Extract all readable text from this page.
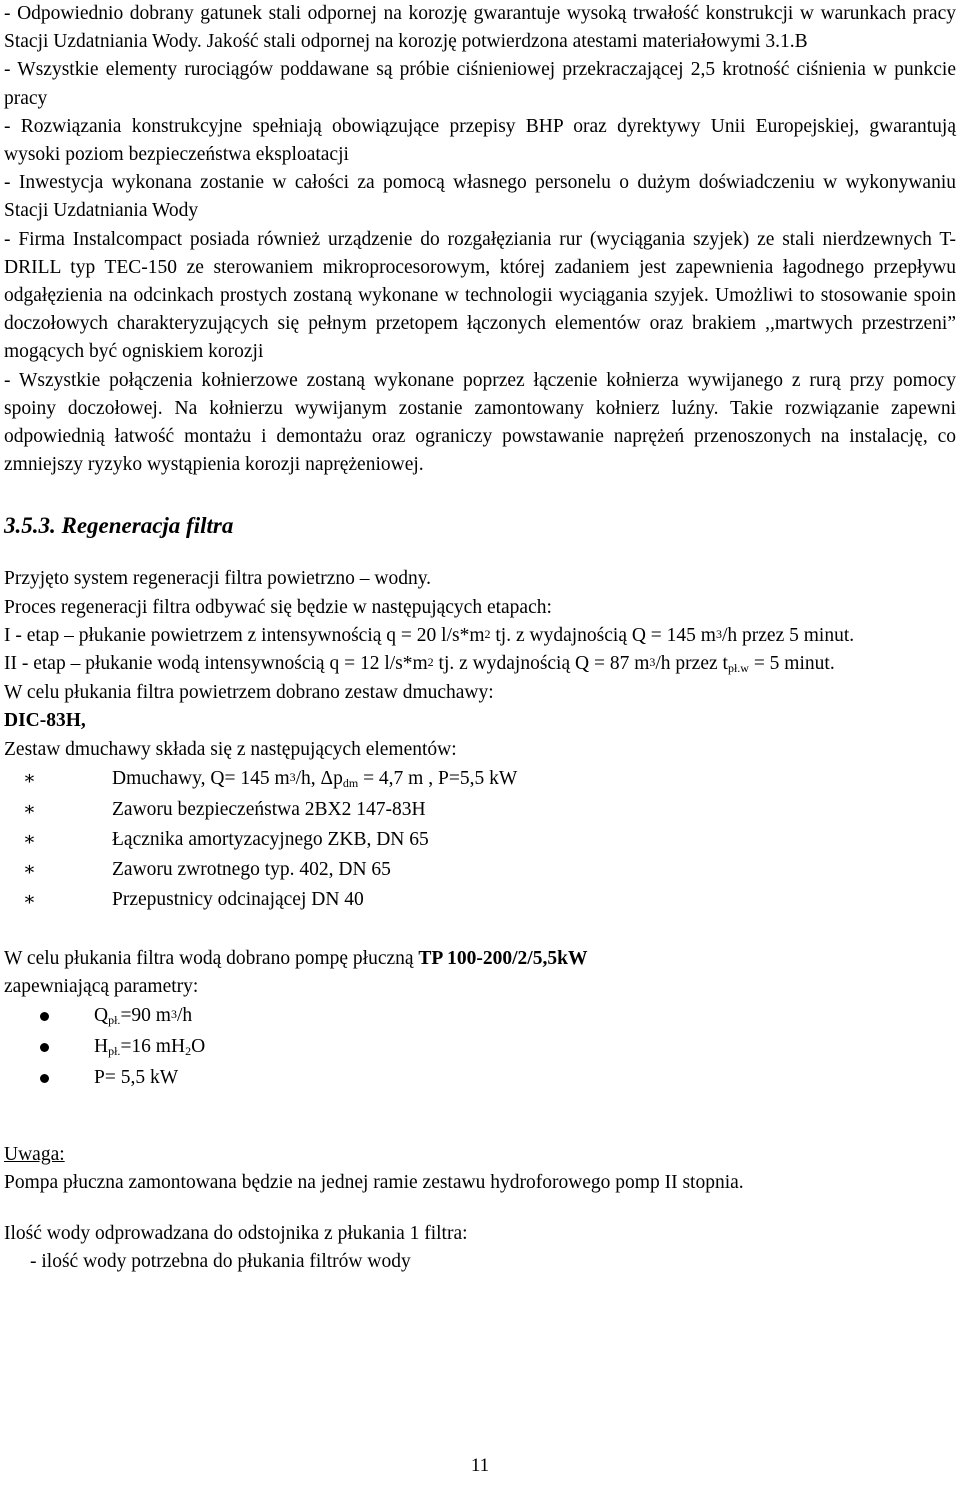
- Odpowiednio dobrany gatunek stali odpornej na korozję gwarantuje wysoką trwałość konstrukcji w warunkach pracy Stacji Uzdatniania Wody. Jakość stali odpornej na korozję potwierdzona atestami materiałowymi 3.1.B

- Wszystkie elementy rurociągów poddawane są próbie ciśnieniowej przekraczającej 2,5 krotność ciśnienia w punkcie pracy

- Rozwiązania konstrukcyjne spełniają obowiązujące przepisy BHP oraz dyrektywy Unii Europejskiej, gwarantują wysoki poziom bezpieczeństwa eksploatacji

- Inwestycja wykonana zostanie w całości za pomocą własnego personelu o dużym doświadczeniu w wykonywaniu Stacji Uzdatniania Wody

- Firma Instalcompact posiada również urządzenie do rozgałęziania rur (wyciągania szyjek) ze stali nierdzewnych T-DRILL typ TEC-150 ze sterowaniem mikroprocesorowym, której zadaniem jest zapewnienia łagodnego przepływu odgałęzienia na odcinkach prostych zostaną wykonane w technologii wyciągania szyjek. Umożliwi to stosowanie spoin doczołowych charakteryzujących się pełnym przetopem łączonych elementów oraz brakiem ,,martwych przestrzeni” mogących być ogniskiem korozji

- Wszystkie połączenia kołnierzowe zostaną wykonane poprzez łączenie kołnierza wywijanego z rurą przy pomocy spoiny doczołowej. Na kołnierzu wywijanym zostanie zamontowany kołnierz luźny. Takie rozwiązanie zapewni odpowiednią łatwość montażu i demontażu oraz ograniczy powstawanie naprężeń przenoszonych na instalację, co zmniejszy ryzyko wystąpienia korozji naprężeniowej.

3.5.3. Regeneracja filtra

Przyjęto system regeneracji filtra powietrzno – wodny.

Proces regeneracji filtra odbywać się będzie w następujących etapach:

I - etap – płukanie powietrzem z intensywnością q = 20 $l/s*m^2$ tj. z wydajnością Q = 145 $m^3/h$ przez 5 minut.

II - etap – płukanie wodą intensywnością q = 12 $l/s*m^2$ tj. z wydajnością Q = 87 $m^3/h$ przez tpł.w = 5 minut.

W celu płukania filtra powietrzem dobrano zestaw dmuchawy:

DIC-83H,

Zestaw dmuchawy składa się z następujących elementów:

∗	Dmuchawy, Q= 145 $m^3/h$, Δpdm = 4,7 m , P=5,5 kW
∗	Zaworu bezpieczeństwa 2BX2 147-83H
∗	Łącznika amortyzacyjnego ZKB, DN 65
∗	Zaworu zwrotnego typ. 402, DN 65
∗	Przepustnicy odcinającej DN 40

W celu płukania filtra wodą dobrano pompę płuczną TP 100-200/2/5,5kW

zapewniającą parametry:

Qpł.=90 $m^3/h$
Hpł.=16 mH2O
P= 5,5 kW

Uwaga:

Pompa płuczna zamontowana będzie na jednej ramie zestawu hydroforowego pomp II stopnia.

Ilość wody odprowadzana do odstojnika z płukania 1 filtra:

- ilość wody potrzebna do płukania filtrów wody

11
